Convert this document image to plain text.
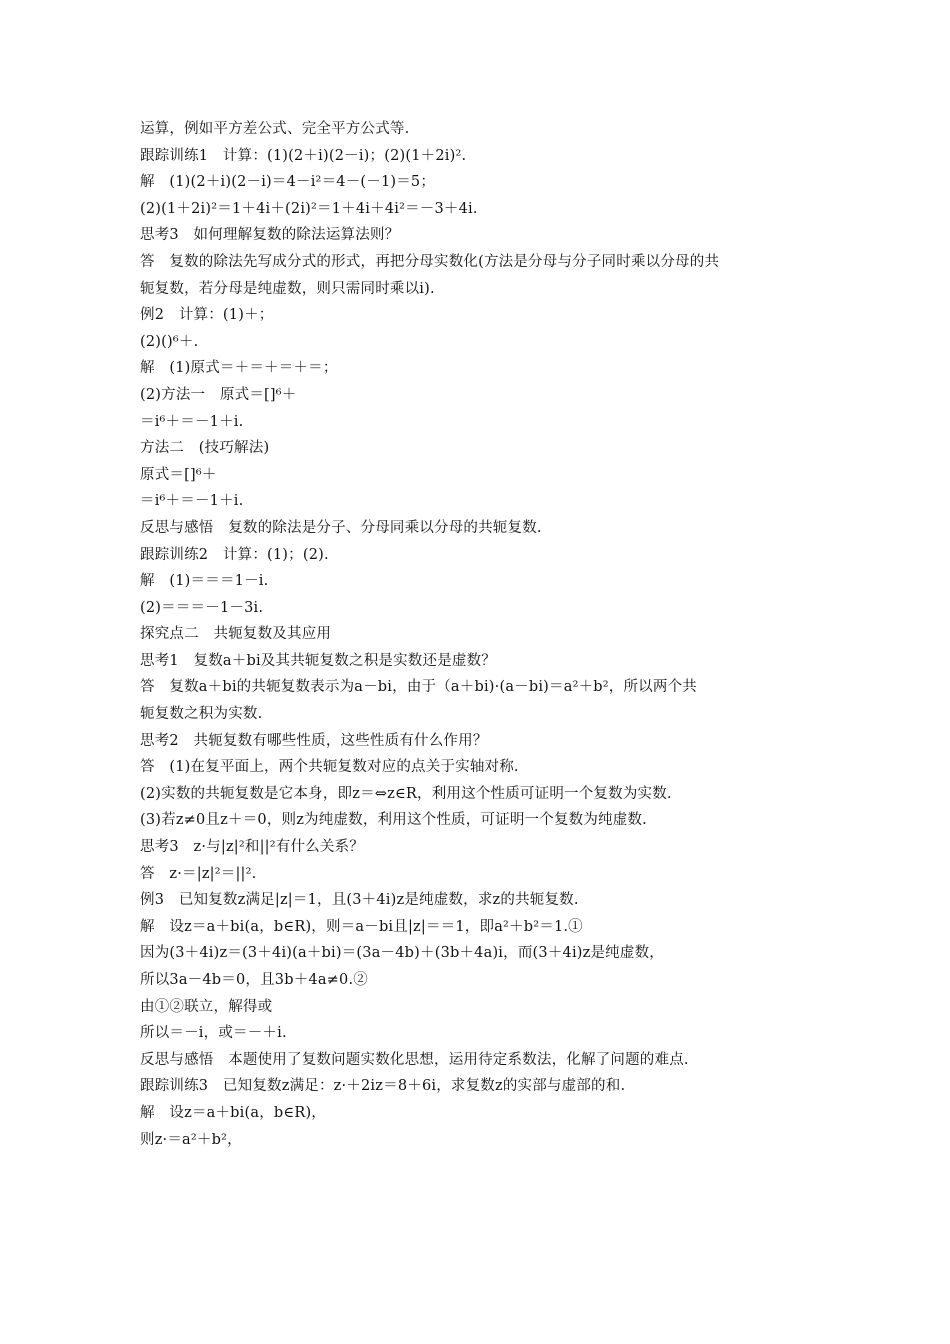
运算，例如平方差公式、完全平方公式等.
跟踪训练1　计算：(1)(2＋i)(2－i)；(2)(1＋2i)².
解　(1)(2＋i)(2－i)＝4－i²＝4－(－1)＝5；
(2)(1＋2i)²＝1＋4i＋(2i)²＝1＋4i＋4i²＝－3＋4i.
思考3　如何理解复数的除法运算法则？
答　复数的除法先写成分式的形式，再把分母实数化(方法是分母与分子同时乘以分母的共
轭复数，若分母是纯虚数，则只需同时乘以i).
例2　计算：(1)＋；
(2)()⁶＋.
解　(1)原式＝＋＝＋＝＋＝；
(2)方法一　原式＝[]⁶＋
＝i⁶＋＝－1＋i.
方法二　(技巧解法)
原式＝[]⁶＋
＝i⁶＋＝－1＋i.
反思与感悟　复数的除法是分子、分母同乘以分母的共轭复数.
跟踪训练2　计算：(1)；(2).
解　(1)＝＝＝1－i.
(2)＝＝＝－1－3i.
探究点二　共轭复数及其应用
思考1　复数a＋bi及其共轭复数之积是实数还是虚数？
答　复数a＋bi的共轭复数表示为a－bi，由于（a＋bi)·(a－bi)＝a²＋b²，所以两个共
轭复数之积为实数.
思考2　共轭复数有哪些性质，这些性质有什么作用？
答　(1)在复平面上，两个共轭复数对应的点关于实轴对称.
(2)实数的共轭复数是它本身，即z＝⇔z∈R，利用这个性质可证明一个复数为实数.
(3)若z≠0且z＋＝0，则z为纯虚数，利用这个性质，可证明一个复数为纯虚数.
思考3　z·与|z|²和||²有什么关系？
答　z·＝|z|²＝||².
例3　已知复数z满足|z|＝1，且(3＋4i)z是纯虚数，求z的共轭复数.
解　设z＝a＋bi(a，b∈R)，则＝a－bi且|z|＝＝1，即a²＋b²＝1.①
因为(3＋4i)z＝(3＋4i)(a＋bi)＝(3a－4b)＋(3b＋4a)i，而(3＋4i)z是纯虚数，
所以3a－4b＝0，且3b＋4a≠0.②
由①②联立，解得或
所以＝－i，或＝－＋i.
反思与感悟　本题使用了复数问题实数化思想，运用待定系数法，化解了问题的难点.
跟踪训练3　已知复数z满足：z·＋2iz＝8＋6i，求复数z的实部与虚部的和.
解　设z＝a＋bi(a，b∈R)，
则z·＝a²＋b²，
